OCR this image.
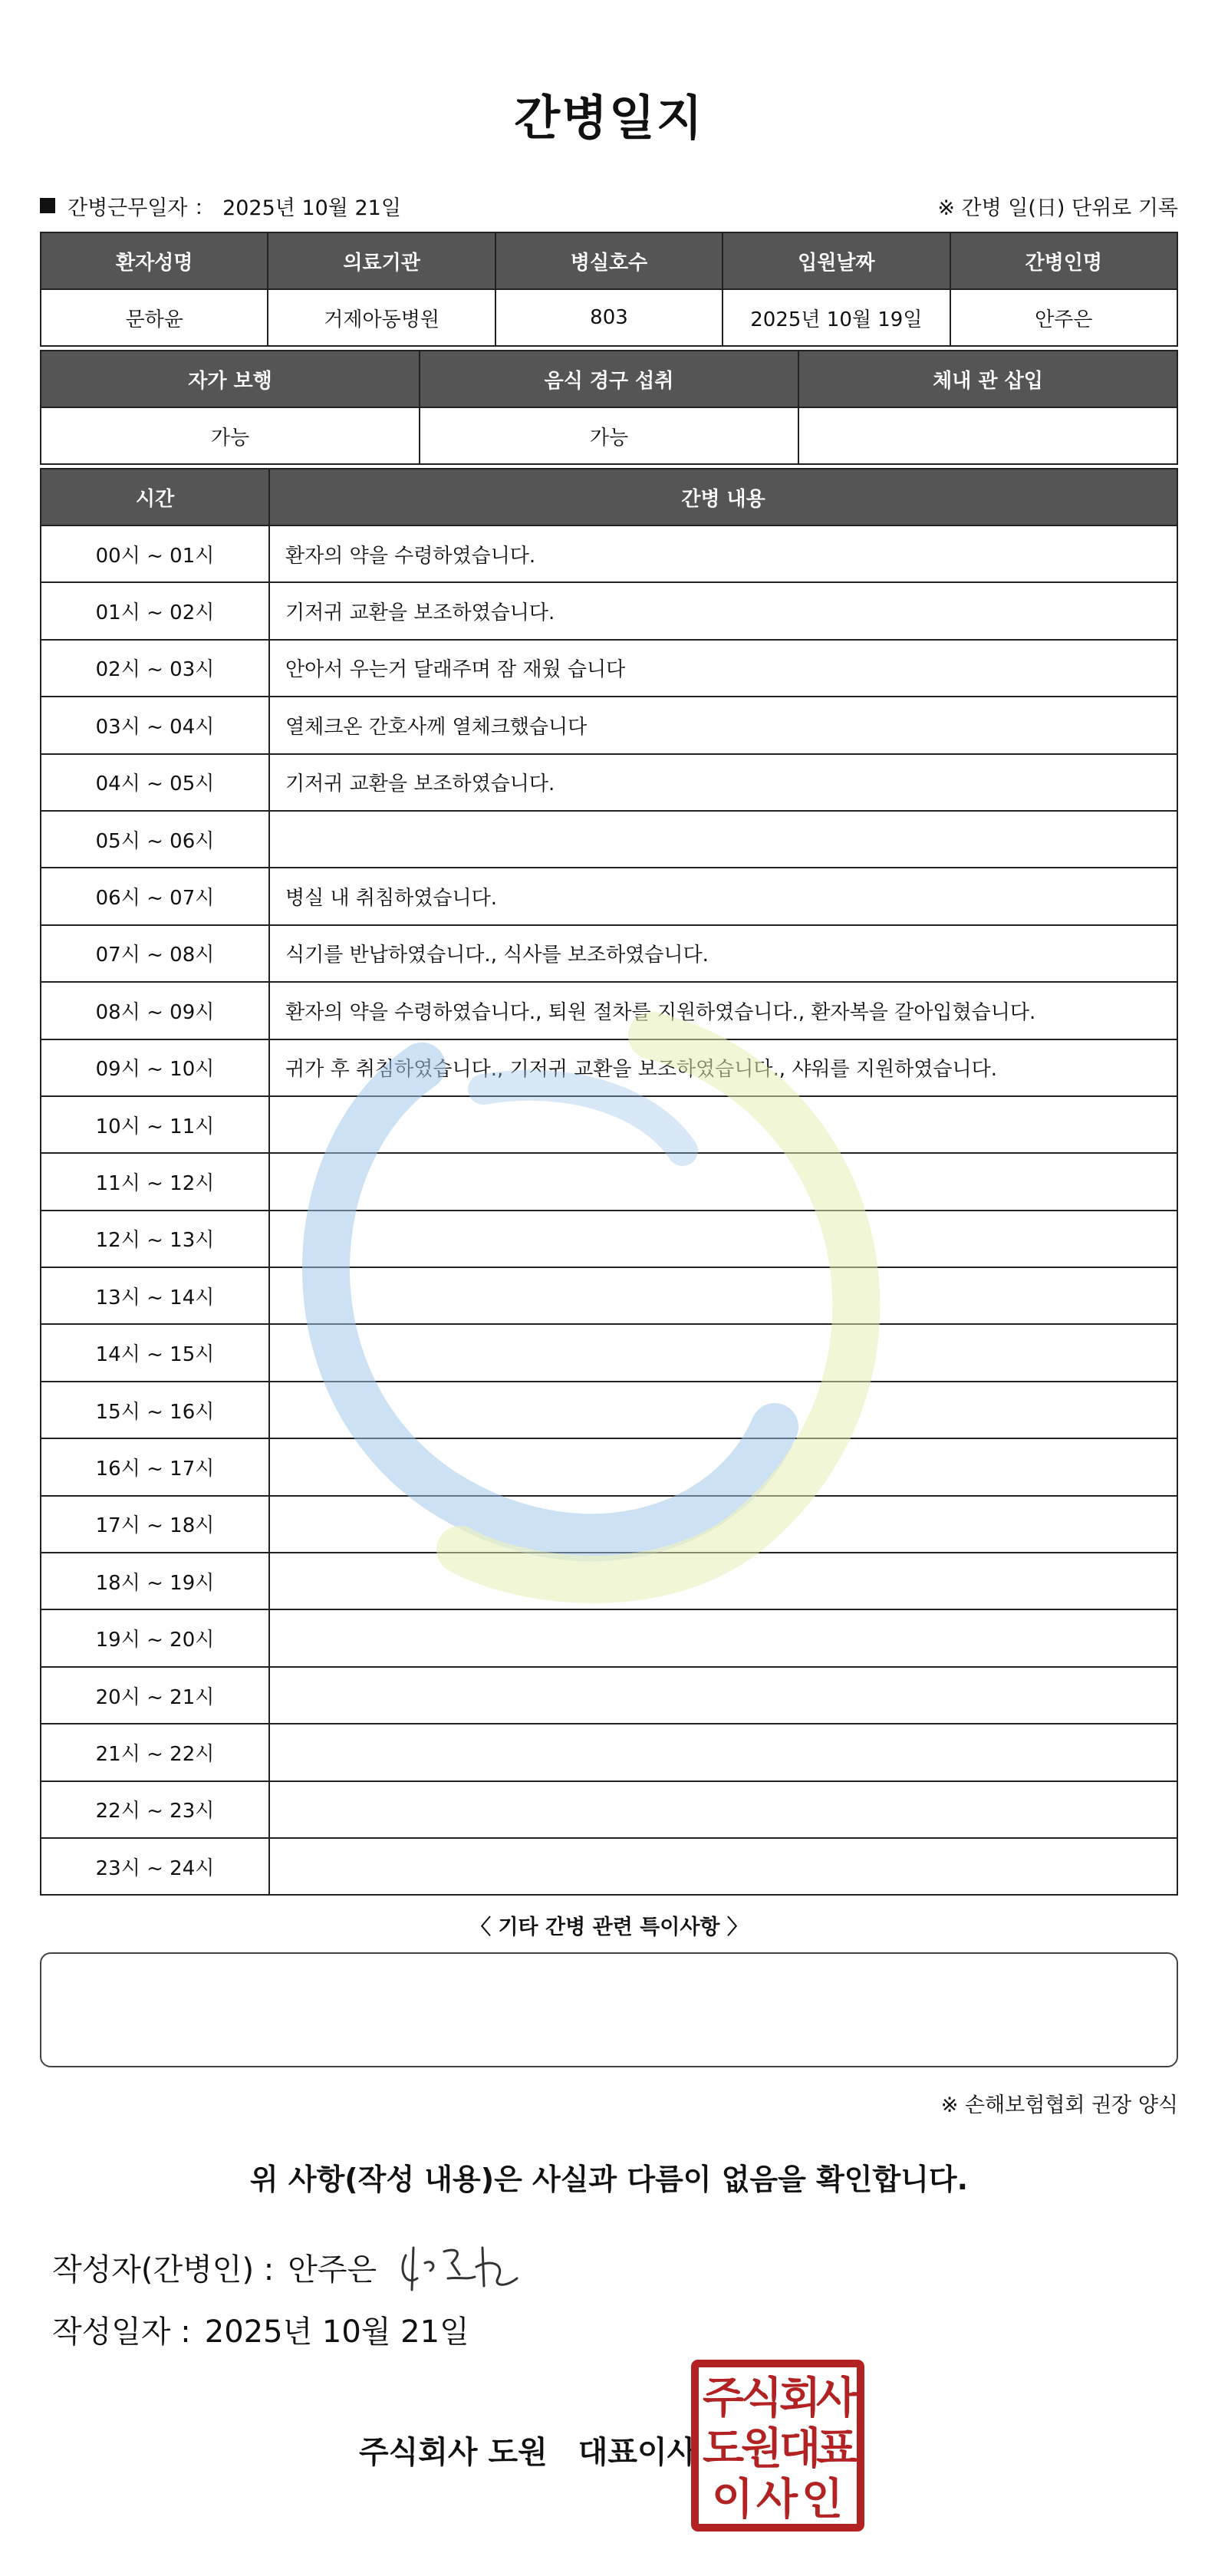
간병일지
간병근무일자 ： 2025년 10월 21일	※ 간병 일(日) 단위로 기록
환자성명	의료기관	병실호수	입원날짜	간병인명
문하윤	거제아동병원	803	2025년 10월 19일	안주은
자가 보행	음식 경구 섭취	체내 관 삽입
가능	가능	
시간	간병 내용
00시 ~ 01시	환자의 약을 수령하였습니다.
01시 ~ 02시	기저귀 교환을 보조하였습니다.
02시 ~ 03시	안아서 우는거 달래주며 잠 재웠 습니다
03시 ~ 04시	열체크온 간호사께 열체크했습니다
04시 ~ 05시	기저귀 교환을 보조하였습니다.
05시 ~ 06시	
06시 ~ 07시	병실 내 취침하였습니다.
07시 ~ 08시	식기를 반납하였습니다., 식사를 보조하였습니다.
08시 ~ 09시	환자의 약을 수령하였습니다., 퇴원 절차를 지원하였습니다., 환자복을 갈아입혔습니다.
09시 ~ 10시	귀가 후 취침하였습니다., 기저귀 교환을 보조하였습니다., 샤워를 지원하였습니다.
10시 ~ 11시	
11시 ~ 12시	
12시 ~ 13시	
13시 ~ 14시	
14시 ~ 15시	
15시 ~ 16시	
16시 ~ 17시	
17시 ~ 18시	
18시 ~ 19시	
19시 ~ 20시	
20시 ~ 21시	
21시 ~ 22시	
22시 ~ 23시	
23시 ~ 24시	
〈 기타 간병 관련 특이사항 〉
※ 손해보험협회 권장 양식
위 사항(작성 내용)은 사실과 다름이 없음을 확인합니다.
작성자(간병인) : 안주은
작성일자 : 2025년 10월 21일
주식회사 도원 대표이사
주
식
회
사
도
원
대
표
이 사 인
